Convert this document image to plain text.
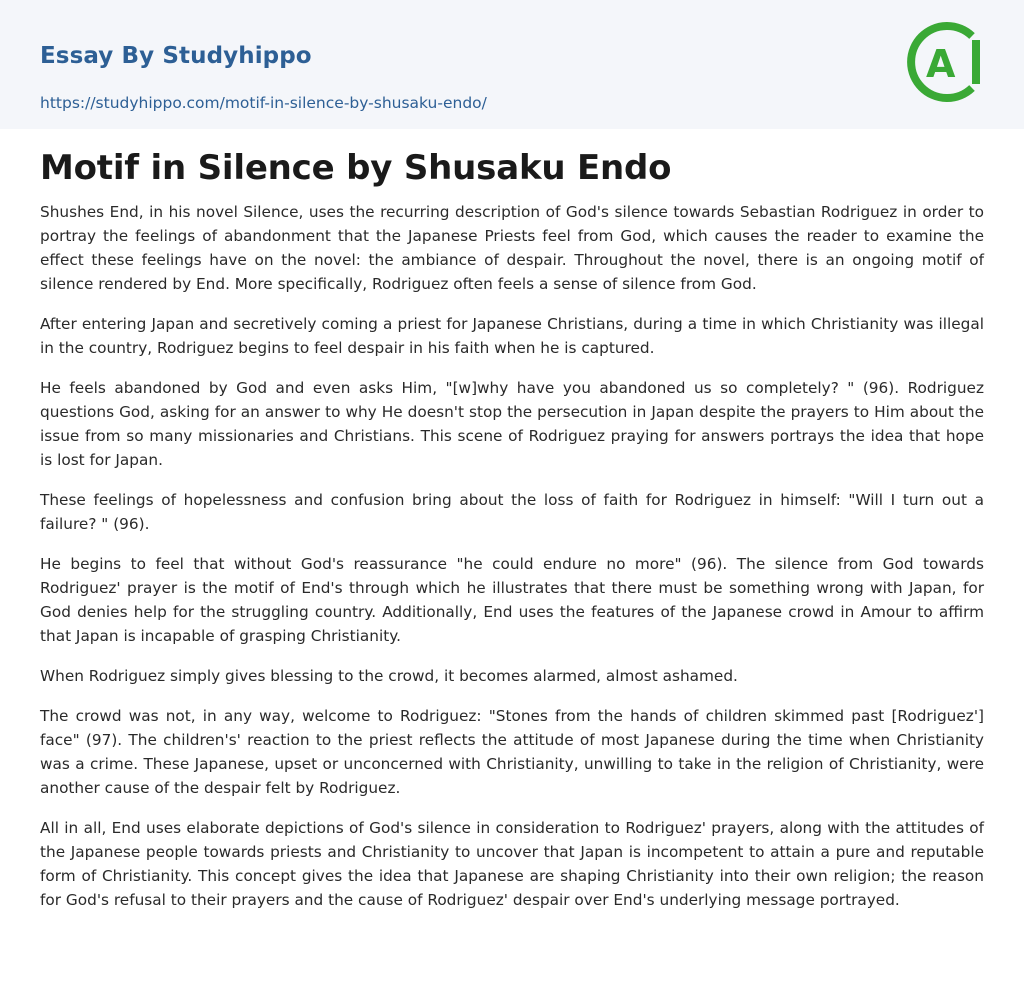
Essay By Studyhippo
https://studyhippo.com/motif-in-silence-by-shusaku-endo/
A
Motif in Silence by Shusaku Endo

Shushes End, in his novel Silence, uses the recurring description of God's silence towards Sebastian Rodriguez in order to portray the feelings of abandonment that the Japanese Priests feel from God, which causes the reader to examine the effect these feelings have on the novel: the ambiance of despair. Throughout the novel, there is an ongoing motif of silence rendered by End. More specifically, Rodriguez often feels a sense of silence from God.

After entering Japan and secretively coming a priest for Japanese Christians, during a time in which Christianity was illegal in the country, Rodriguez begins to feel despair in his faith when he is captured.

He feels abandoned by God and even asks Him, "[w]why have you abandoned us so completely? " (96). Rodriguez questions God, asking for an answer to why He doesn't stop the persecution in Japan despite the prayers to Him about the issue from so many missionaries and Christians. This scene of Rodriguez praying for answers portrays the idea that hope is lost for Japan.

These feelings of hopelessness and confusion bring about the loss of faith for Rodriguez in himself: "Will I turn out a failure? " (96).

He begins to feel that without God's reassurance "he could endure no more" (96). The silence from God towards Rodriguez' prayer is the motif of End's through which he illustrates that there must be something wrong with Japan, for God denies help for the struggling country. Additionally, End uses the features of the Japanese crowd in Amour to affirm that Japan is incapable of grasping Christianity.

When Rodriguez simply gives blessing to the crowd, it becomes alarmed, almost ashamed.

The crowd was not, in any way, welcome to Rodriguez: "Stones from the hands of children skimmed past [Rodriguez'] face" (97). The children's' reaction to the priest reflects the attitude of most Japanese during the time when Christianity was a crime. These Japanese, upset or unconcerned with Christianity, unwilling to take in the religion of Christianity, were another cause of the despair felt by Rodriguez.

All in all, End uses elaborate depictions of God's silence in consideration to Rodriguez' prayers, along with the attitudes of the Japanese people towards priests and Christianity to uncover that Japan is incompetent to attain a pure and reputable form of Christianity. This concept gives the idea that Japanese are shaping Christianity into their own religion; the reason for God's refusal to their prayers and the cause of Rodriguez' despair over End's underlying message portrayed.
